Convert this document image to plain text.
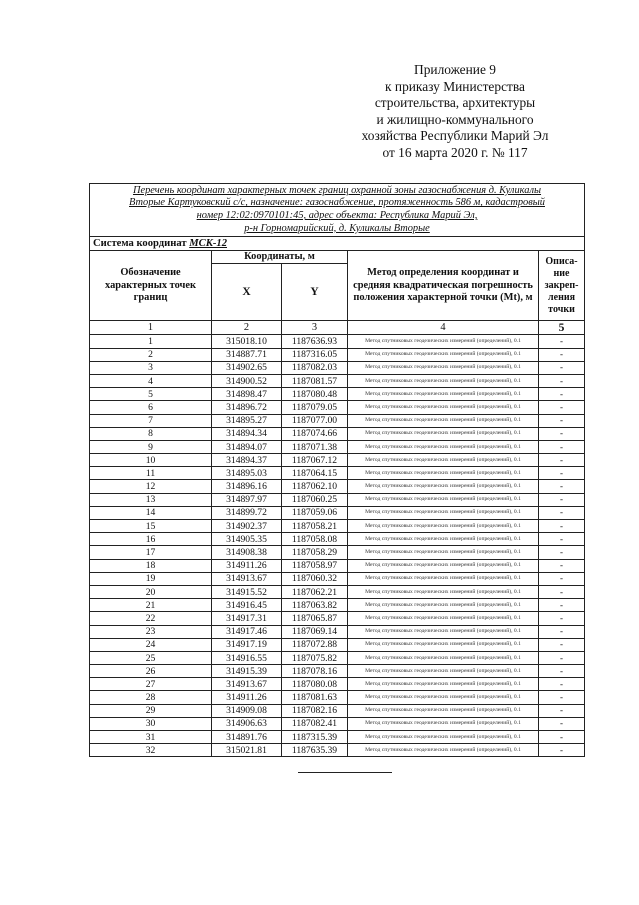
Приложение 9
к приказу Министерства
строительства, архитектуры
и жилищно-коммунального
хозяйства Республики Марий Эл
от 16 марта 2020 г. № 117
Перечень координат характерных точек границ охранной зоны газоснабжения д. Куликалы
Вторые Картуковский с/с, назначение: газоснабжение, протяженность 586 м, кадастровый
номер 12:02:0970101:45, адрес объекта: Республика Марий Эл,
р-н Горномарийский, д. Куликалы Вторые				

Система координат МСК-12				
Обозначение характерных точек границ	Координаты, м		Метод определения координат и средняя квадратическая погрешность положения характерной точки (Mt), м	Описа-ние закреп-ления точки
	X	Y		
1	2	3	4	5
1	315018.10	1187636.93	Метод спутниковых геодезических измерений (определений), 0.1	-
2	314887.71	1187316.05	Метод спутниковых геодезических измерений (определений), 0.1	-
3	314902.65	1187082.03	Метод спутниковых геодезических измерений (определений), 0.1	-
4	314900.52	1187081.57	Метод спутниковых геодезических измерений (определений), 0.1	-
5	314898.47	1187080.48	Метод спутниковых геодезических измерений (определений), 0.1	-
6	314896.72	1187079.05	Метод спутниковых геодезических измерений (определений), 0.1	-
7	314895.27	1187077.00	Метод спутниковых геодезических измерений (определений), 0.1	-
8	314894.34	1187074.66	Метод спутниковых геодезических измерений (определений), 0.1	-
9	314894.07	1187071.38	Метод спутниковых геодезических измерений (определений), 0.1	-
10	314894.37	1187067.12	Метод спутниковых геодезических измерений (определений), 0.1	-
11	314895.03	1187064.15	Метод спутниковых геодезических измерений (определений), 0.1	-
12	314896.16	1187062.10	Метод спутниковых геодезических измерений (определений), 0.1	-
13	314897.97	1187060.25	Метод спутниковых геодезических измерений (определений), 0.1	-
14	314899.72	1187059.06	Метод спутниковых геодезических измерений (определений), 0.1	-
15	314902.37	1187058.21	Метод спутниковых геодезических измерений (определений), 0.1	-
16	314905.35	1187058.08	Метод спутниковых геодезических измерений (определений), 0.1	-
17	314908.38	1187058.29	Метод спутниковых геодезических измерений (определений), 0.1	-
18	314911.26	1187058.97	Метод спутниковых геодезических измерений (определений), 0.1	-
19	314913.67	1187060.32	Метод спутниковых геодезических измерений (определений), 0.1	-
20	314915.52	1187062.21	Метод спутниковых геодезических измерений (определений), 0.1	-
21	314916.45	1187063.82	Метод спутниковых геодезических измерений (определений), 0.1	-
22	314917.31	1187065.87	Метод спутниковых геодезических измерений (определений), 0.1	-
23	314917.46	1187069.14	Метод спутниковых геодезических измерений (определений), 0.1	-
24	314917.19	1187072.88	Метод спутниковых геодезических измерений (определений), 0.1	-
25	314916.55	1187075.82	Метод спутниковых геодезических измерений (определений), 0.1	-
26	314915.39	1187078.16	Метод спутниковых геодезических измерений (определений), 0.1	-
27	314913.67	1187080.08	Метод спутниковых геодезических измерений (определений), 0.1	-
28	314911.26	1187081.63	Метод спутниковых геодезических измерений (определений), 0.1	-
29	314909.08	1187082.16	Метод спутниковых геодезических измерений (определений), 0.1	-
30	314906.63	1187082.41	Метод спутниковых геодезических измерений (определений), 0.1	-
31	314891.76	1187315.39	Метод спутниковых геодезических измерений (определений), 0.1	-
32	315021.81	1187635.39	Метод спутниковых геодезических измерений (определений), 0.1	-
